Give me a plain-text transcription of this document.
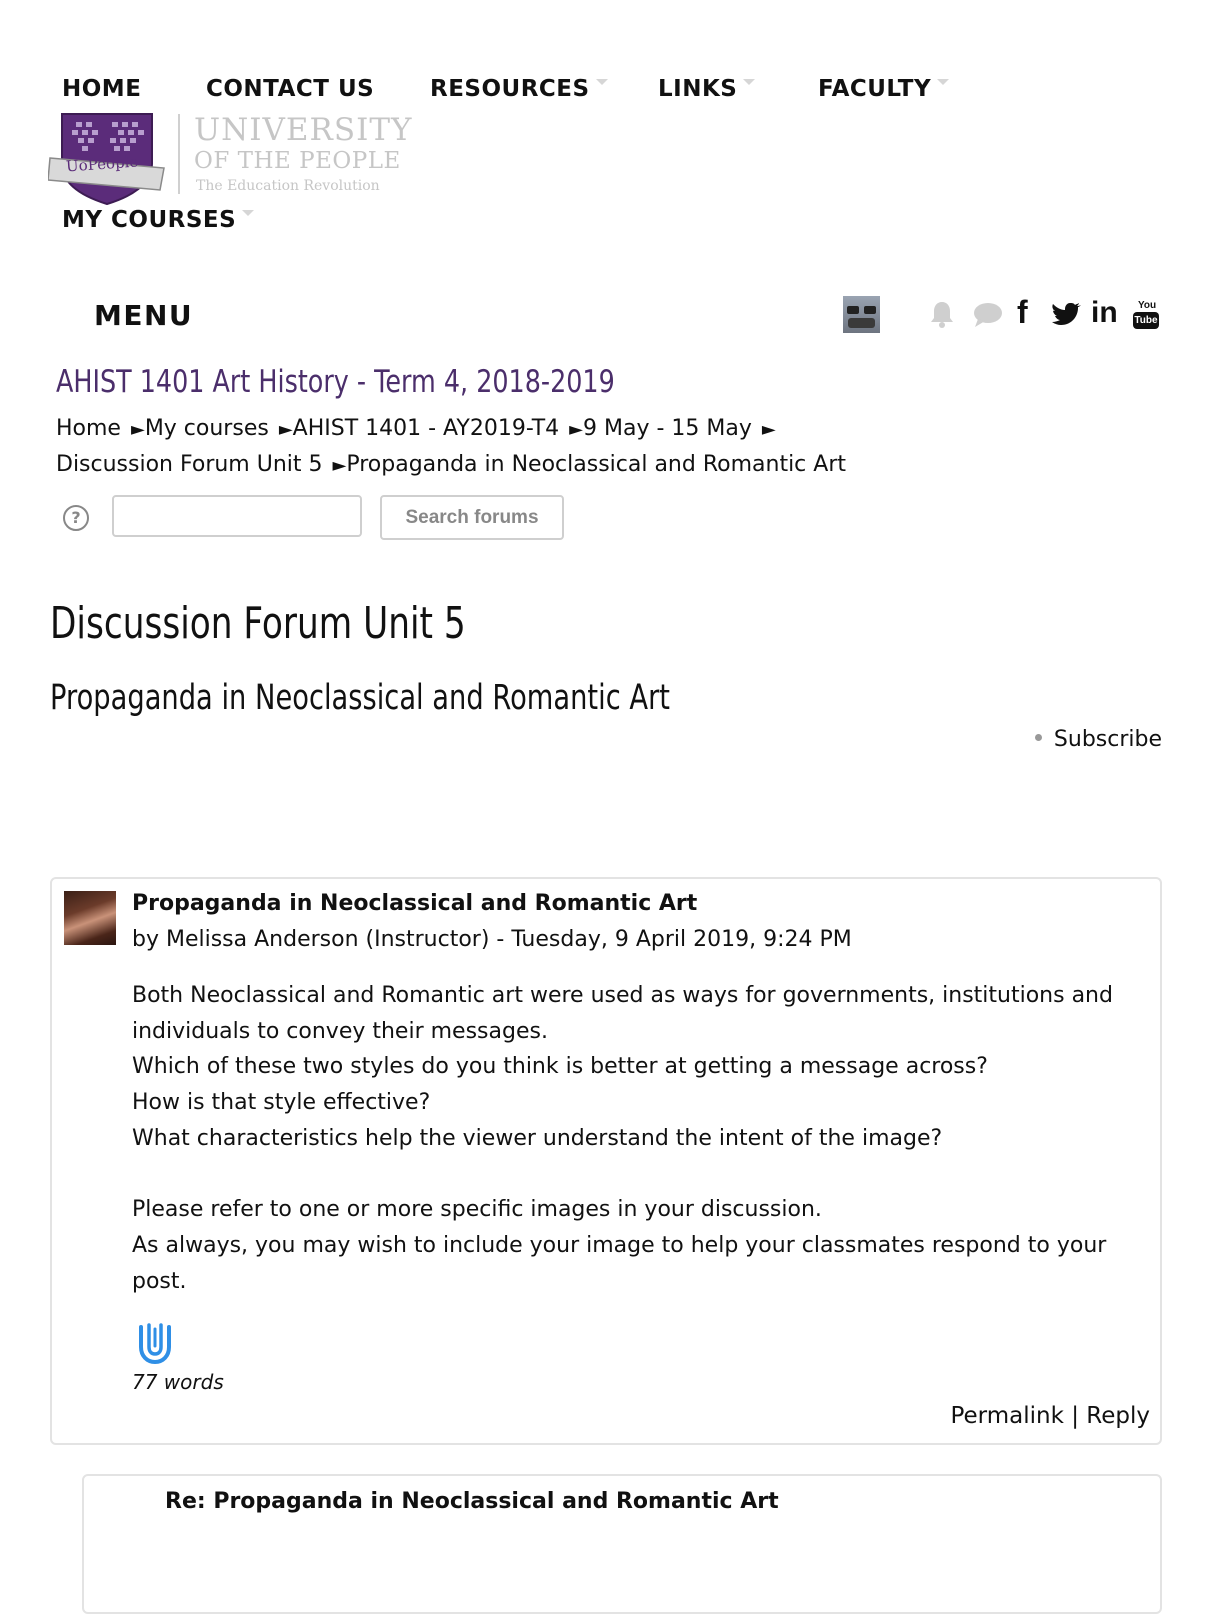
HOME	CONTACT US RESOURCES	LINKS	FACULTY
UoPeople
UNIVERSITY
OF THE PEOPLE
The Education Revolution
MY COURSES
MENU	f in You
Tube
AHIST 1401 Art History - Term 4, 2018-2019
Home ►My courses ►AHIST 1401 - AY2019-T4 ►9 May - 15 May ►
Discussion Forum Unit 5 ►Propaganda in Neoclassical and Romantic Art
?	Search forums
Discussion Forum Unit 5
Propaganda in Neoclassical and Romantic Art
Subscribe
Propaganda in Neoclassical and Romantic Art
by Melissa Anderson (Instructor) - Tuesday, 9 April 2019, 9:24 PM

Both Neoclassical and Romantic art were used as ways for governments, institutions and individuals to convey their messages.

Which of these two styles do you think is better at getting a message across?

How is that style effective?

What characteristics help the viewer understand the intent of the image?

Please refer to one or more specific images in your discussion.

As always, you may wish to include your image to help your classmates respond to your post.

77 words
Permalink | Reply
Re: Propaganda in Neoclassical and Romantic Art
